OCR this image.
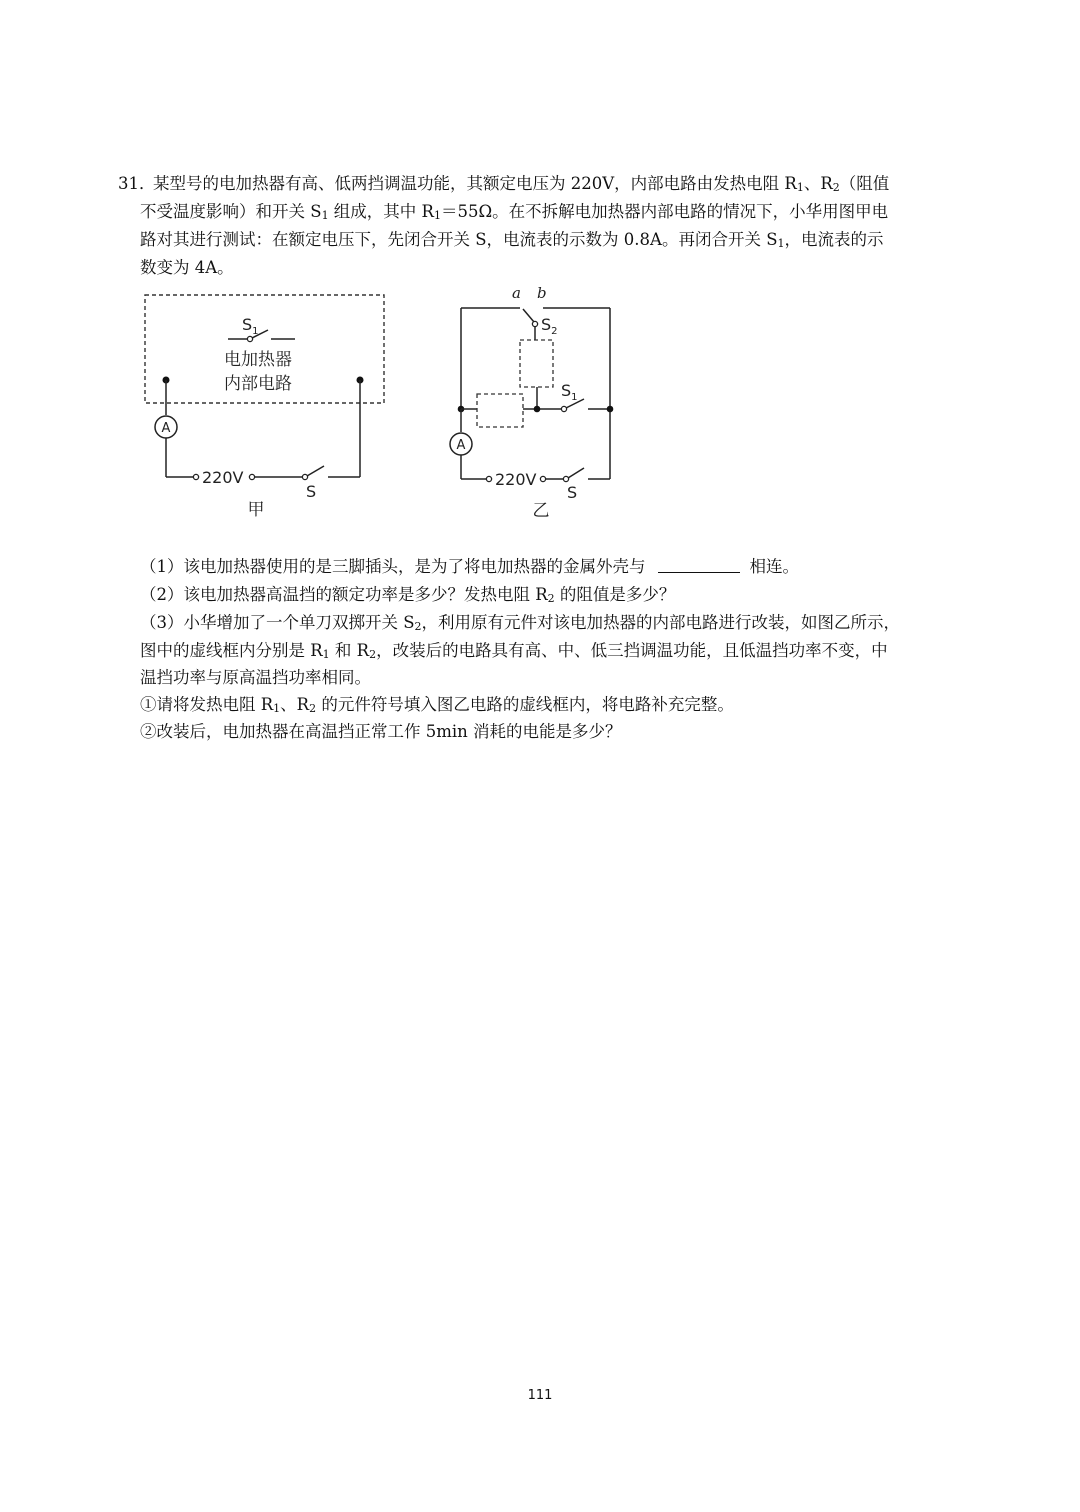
31．
某型号的电加热器有高、低两挡调温功能，其额定电压为 220V，内部电路由发热电阻 $R_1$、$R_2$（阻值
不受温度影响）和开关 $S_1$ 组成，其中 $R_1=55\Omega$。在不拆解电加热器内部电路的情况下，小华用图甲电
路对其进行测试：在额定电压下，先闭合开关 S，电流表的示数为 0.8A。再闭合开关 $S_1$，电流表的示
数变为 4A。
$S_1$
电加热器
内部电路
A
220V
S
甲
a b
$S_2$
$S_1$
A
220V
S
乙
（1）该电加热器使用的是三脚插头，是为了将电加热器的金属外壳与	相连。
（2）该电加热器高温挡的额定功率是多少？发热电阻 $R_2$ 的阻值是多少？
（3）小华增加了一个单刀双掷开关 $S_2$，利用原有元件对该电加热器的内部电路进行改装，如图乙所示，
图中的虚线框内分别是 $R_1$ 和 $R_2$，改装后的电路具有高、中、低三挡调温功能，且低温挡功率不变，中
温挡功率与原高温挡功率相同。
①请将发热电阻 $R_1$、$R_2$ 的元件符号填入图乙电路的虚线框内，将电路补充完整。
②改装后，电加热器在高温挡正常工作 5min 消耗的电能是多少？
111
